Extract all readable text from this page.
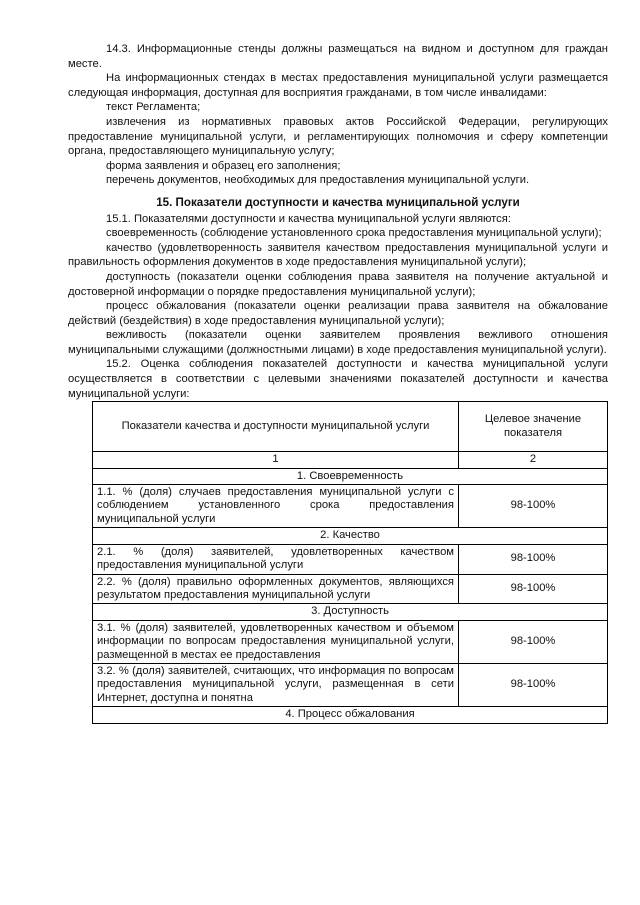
14.3. Информационные стенды должны размещаться на видном и доступном для граждан месте.
На информационных стендах в местах предоставления муниципальной услуги размещается следующая информация, доступная для восприятия гражданами, в том числе инвалидами:
текст Регламента;
извлечения из нормативных правовых актов Российской Федерации, регулирующих предоставление муниципальной услуги, и регламентирующих полномочия и сферу компетенции органа, предоставляющего муниципальную услугу;
форма заявления и образец его заполнения;
перечень документов, необходимых для предоставления муниципальной услуги.
15. Показатели доступности и качества муниципальной услуги
15.1. Показателями доступности и качества муниципальной услуги являются:
своевременность (соблюдение установленного срока предоставления муниципальной услуги);
качество (удовлетворенность заявителя качеством предоставления муниципальной услуги и правильность оформления документов в ходе предоставления муниципальной услуги);
доступность (показатели оценки соблюдения права заявителя на получение актуальной и достоверной информации о порядке предоставления муниципальной услуги);
процесс обжалования (показатели оценки реализации права заявителя на обжалование действий (бездействия) в ходе предоставления муниципальной услуги);
вежливость (показатели оценки заявителем проявления вежливого отношения муниципальными служащими (должностными лицами) в ходе предоставления муниципальной услуги).
15.2. Оценка соблюдения показателей доступности и качества муниципальной услуги осуществляется в соответствии с целевыми значениями показателей доступности и качества муниципальной услуги:
Показатели качества и доступности муниципальной услуги	Целевое значение показателя
1	2
1. Своевременность	
1.1. % (доля) случаев предоставления муниципальной услуги с соблюдением установленного срока предоставления муниципальной услуги	98-100%
2. Качество	
2.1. % (доля) заявителей, удовлетворенных качеством предоставления муниципальной услуги	98-100%
2.2. % (доля) правильно оформленных документов, являющихся результатом предоставления муниципальной услуги	98-100%
3. Доступность	
3.1. % (доля) заявителей, удовлетворенных качеством и объемом информации по вопросам предоставления муниципальной услуги, размещенной в местах ее предоставления	98-100%
3.2. % (доля) заявителей, считающих, что информация по вопросам предоставления муниципальной услуги, размещенная в сети Интернет, доступна и понятна	98-100%
4. Процесс обжалования	
